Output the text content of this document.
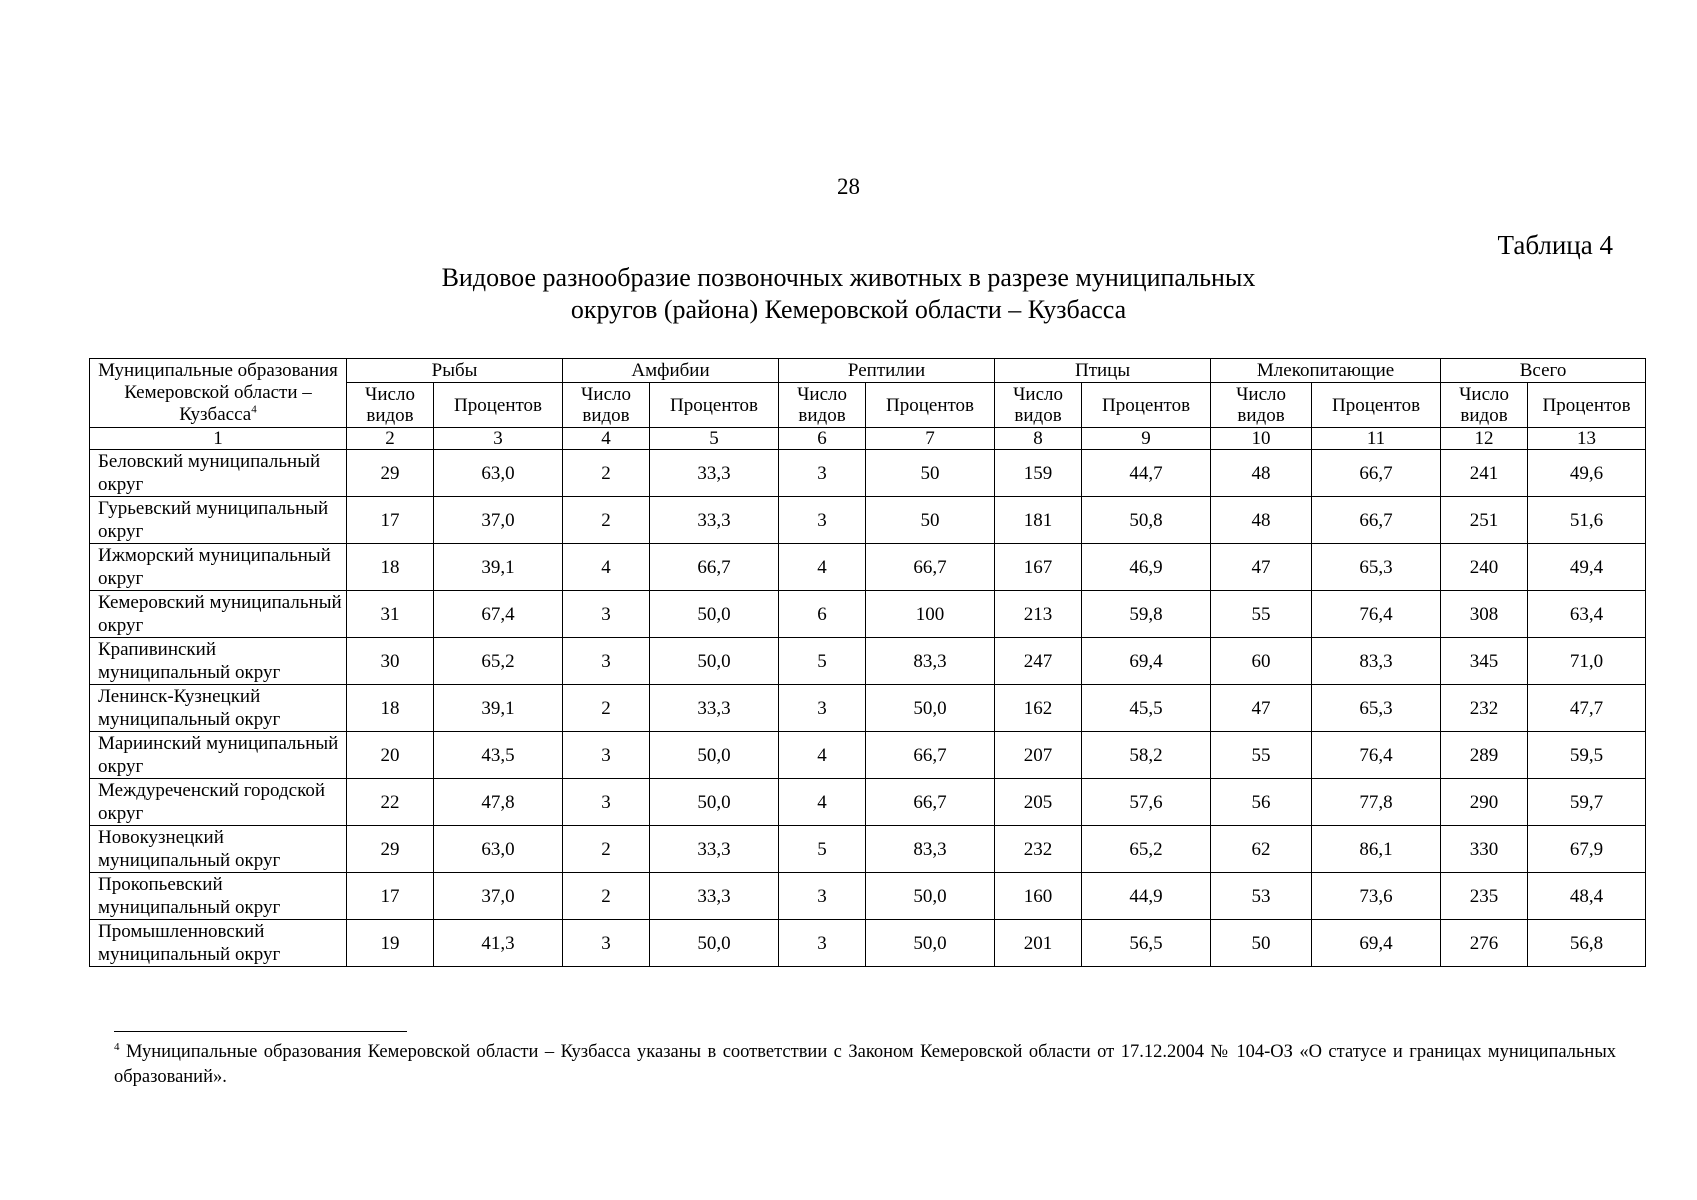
28
Таблица 4
Видовое разнообразие позвоночных животных в разрезе муниципальных
округов (района) Кемеровской области – Кузбасса
Муниципальные образования Кемеровской области – Кузбасса$^4$	Рыбы		Амфибии		Рептилии		Птицы		Млекопитающие		Всего	
	Число видов	Процентов	Число видов	Процентов	Число видов	Процентов	Число видов	Процентов	Число видов	Процентов	Число видов	Процентов
1	2	3	4	5	6	7	8	9	10	11	12	13
Беловский муниципальный округ	29	63,0	2	33,3	3	50	159	44,7	48	66,7	241	49,6
Гурьевский муниципальный округ	17	37,0	2	33,3	3	50	181	50,8	48	66,7	251	51,6
Ижморский муниципальный округ	18	39,1	4	66,7	4	66,7	167	46,9	47	65,3	240	49,4
Кемеровский муниципальный округ	31	67,4	3	50,0	6	100	213	59,8	55	76,4	308	63,4
Крапивинский муниципальный округ	30	65,2	3	50,0	5	83,3	247	69,4	60	83,3	345	71,0
Ленинск-Кузнецкий муниципальный округ	18	39,1	2	33,3	3	50,0	162	45,5	47	65,3	232	47,7
Мариинский муниципальный округ	20	43,5	3	50,0	4	66,7	207	58,2	55	76,4	289	59,5
Междуреченский городской округ	22	47,8	3	50,0	4	66,7	205	57,6	56	77,8	290	59,7
Новокузнецкий муниципальный округ	29	63,0	2	33,3	5	83,3	232	65,2	62	86,1	330	67,9
Прокопьевский муниципальный округ	17	37,0	2	33,3	3	50,0	160	44,9	53	73,6	235	48,4
Промышленновский муниципальный округ	19	41,3	3	50,0	3	50,0	201	56,5	50	69,4	276	56,8
$^4$ Муниципальные образования Кемеровской области – Кузбасса указаны в соответствии с Законом Кемеровской области от 17.12.2004 № 104-ОЗ «О статусе и границах муниципальных образований».
